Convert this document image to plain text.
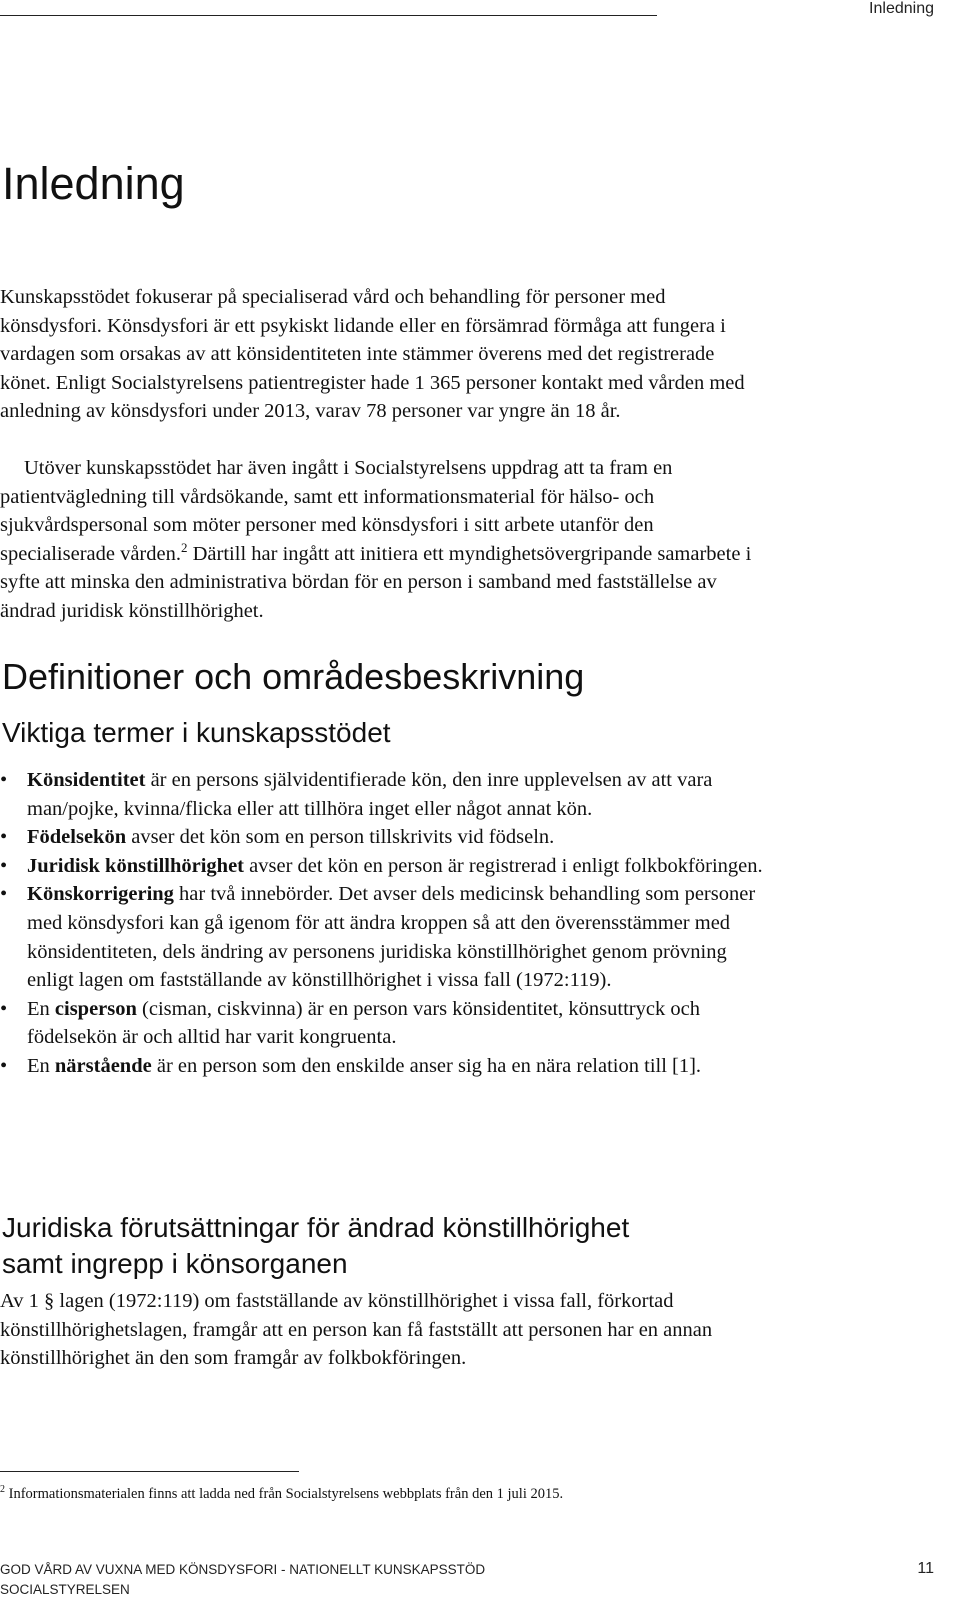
Inledning
Inledning

Kunskapsstödet fokuserar på specialiserad vård och behandling för personer med könsdysfori. Könsdysfori är ett psykiskt lidande eller en försämrad förmåga att fungera i vardagen som orsakas av att könsidentiteten inte stämmer överens med det registrerade könet. Enligt Socialstyrelsens patientregister hade 1 365 personer kontakt med vården med anledning av könsdysfori under 2013, varav 78 personer var yngre än 18 år.

Utöver kunskapsstödet har även ingått i Socialstyrelsens uppdrag att ta fram en patientvägledning till vårdsökande, samt ett informationsmaterial för hälso- och sjukvårdspersonal som möter personer med könsdysfori i sitt arbete utanför den specialiserade vården.$^2$ Därtill har ingått att initiera ett myndighetsövergripande samarbete i syfte att minska den administrativa bördan för en person i samband med fastställelse av ändrad juridisk könstillhörighet.

Definitioner och områdesbeskrivning
Viktiga termer i kunskapsstödet
• Könsidentitet är en persons självidentifierade kön, den inre upplevelsen av att vara man/pojke, kvinna/flicka eller att tillhöra inget eller något annat kön.
• Födelsekön avser det kön som en person tillskrivits vid födseln.
• Juridisk könstillhörighet avser det kön en person är registrerad i enligt folkbokföringen.
• Könskorrigering har två innebörder. Det avser dels medicinsk behandling som personer med könsdysfori kan gå igenom för att ändra kroppen så att den överensstämmer med könsidentiteten, dels ändring av personens juridiska könstillhörighet genom prövning enligt lagen om fastställande av könstillhörighet i vissa fall (1972:119).
• En cisperson (cisman, ciskvinna) är en person vars könsidentitet, könsuttryck och födelsekön är och alltid har varit kongruenta.
• En närstående är en person som den enskilde anser sig ha en nära relation till [1].
Juridiska förutsättningar för ändrad könstillhörighet
samt ingrepp i könsorganen

Av 1 § lagen (1972:119) om fastställande av könstillhörighet i vissa fall, förkortad könstillhörighetslagen, framgår att en person kan få fastställt att personen har en annan könstillhörighet än den som framgår av folkbokföringen.

$^2$ Informationsmaterialen finns att ladda ned från Socialstyrelsens webbplats från den 1 juli 2015.
GOD VÅRD AV VUXNA MED KÖNSDYSFORI - NATIONELLT KUNSKAPSSTÖD
SOCIALSTYRELSEN
11
